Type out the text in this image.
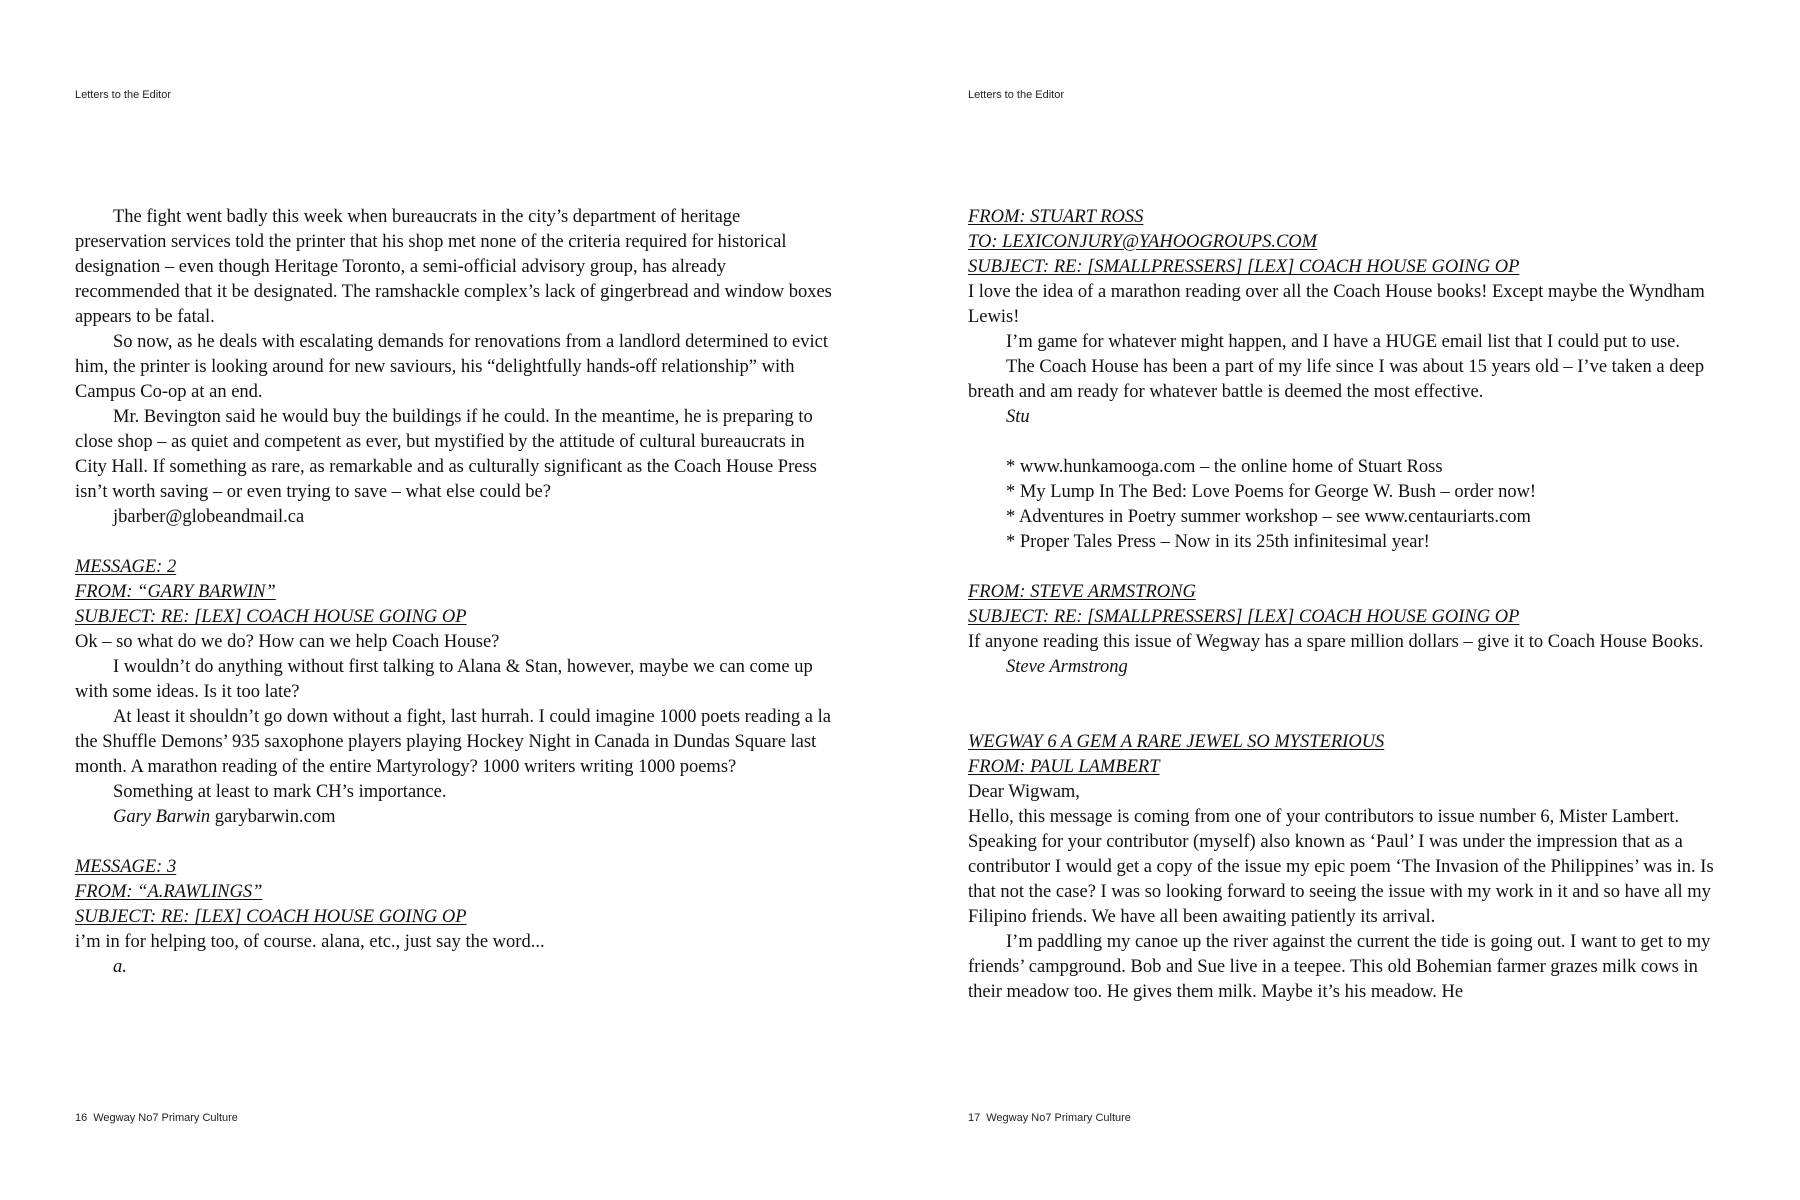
Letters to the Editor

The fight went badly this week when bureaucrats in the city’s department of heritage preservation services told the printer that his shop met none of the criteria required for historical designation – even though Heritage Toronto, a semi-official advisory group, has already recommended that it be designated. The ramshackle complex’s lack of gingerbread and window boxes appears to be fatal.

So now, as he deals with escalating demands for renovations from a landlord determined to evict him, the printer is looking around for new saviours, his “delightfully hands-off relationship” with Campus Co-op at an end.

Mr. Bevington said he would buy the buildings if he could. In the meantime, he is preparing to close shop – as quiet and competent as ever, but mystified by the attitude of cultural bureaucrats in City Hall. If something as rare, as remarkable and as culturally significant as the Coach House Press isn’t worth saving – or even trying to save – what else could be?

jbarber@globeandmail.ca

MESSAGE: 2

FROM: “GARY BARWIN”

SUBJECT: RE: [LEX] COACH HOUSE GOING OP

Ok – so what do we do? How can we help Coach House?

I wouldn’t do anything without first talking to Alana & Stan, however, maybe we can come up with some ideas. Is it too late?

At least it shouldn’t go down without a fight, last hurrah. I could imagine 1000 poets reading a la the Shuffle Demons’ 935 saxophone players playing Hockey Night in Canada in Dundas Square last month. A marathon reading of the entire Martyrology? 1000 writers writing 1000 poems?

Something at least to mark CH’s importance.

Gary Barwin garybarwin.com

MESSAGE: 3

FROM: “A.RAWLINGS”

SUBJECT: RE: [LEX] COACH HOUSE GOING OP

i’m in for helping too, of course. alana, etc., just say the word...

a.

16 Wegway No7 Primary Culture
Letters to the Editor

FROM: STUART ROSS

TO: LEXICONJURY@YAHOOGROUPS.COM

SUBJECT: RE: [SMALLPRESSERS] [LEX] COACH HOUSE GOING OP

I love the idea of a marathon reading over all the Coach House books! Except maybe the Wyndham Lewis!

I’m game for whatever might happen, and I have a HUGE email list that I could put to use.

The Coach House has been a part of my life since I was about 15 years old – I’ve taken a deep breath and am ready for whatever battle is deemed the most effective.

Stu

* www.hunkamooga.com – the online home of Stuart Ross

* My Lump In The Bed: Love Poems for George W. Bush – order now!

* Adventures in Poetry summer workshop – see www.centauriarts.com

* Proper Tales Press – Now in its 25th infinitesimal year!

FROM: STEVE ARMSTRONG

SUBJECT: RE: [SMALLPRESSERS] [LEX] COACH HOUSE GOING OP

If anyone reading this issue of Wegway has a spare million dollars – give it to Coach House Books.

Steve Armstrong

WEGWAY 6 A GEM A RARE JEWEL SO MYSTERIOUS

FROM: PAUL LAMBERT

Dear Wigwam,

Hello, this message is coming from one of your contributors to issue number 6, Mister Lambert. Speaking for your contributor (myself) also known as ‘Paul’ I was under the impression that as a contributor I would get a copy of the issue my epic poem ‘The Invasion of the Philippines’ was in. Is that not the case? I was so looking forward to seeing the issue with my work in it and so have all my Filipino friends. We have all been awaiting patiently its arrival.

I’m paddling my canoe up the river against the current the tide is going out. I want to get to my friends’ campground. Bob and Sue live in a teepee. This old Bohemian farmer grazes milk cows in their meadow too. He gives them milk. Maybe it’s his meadow. He

17 Wegway No7 Primary Culture
